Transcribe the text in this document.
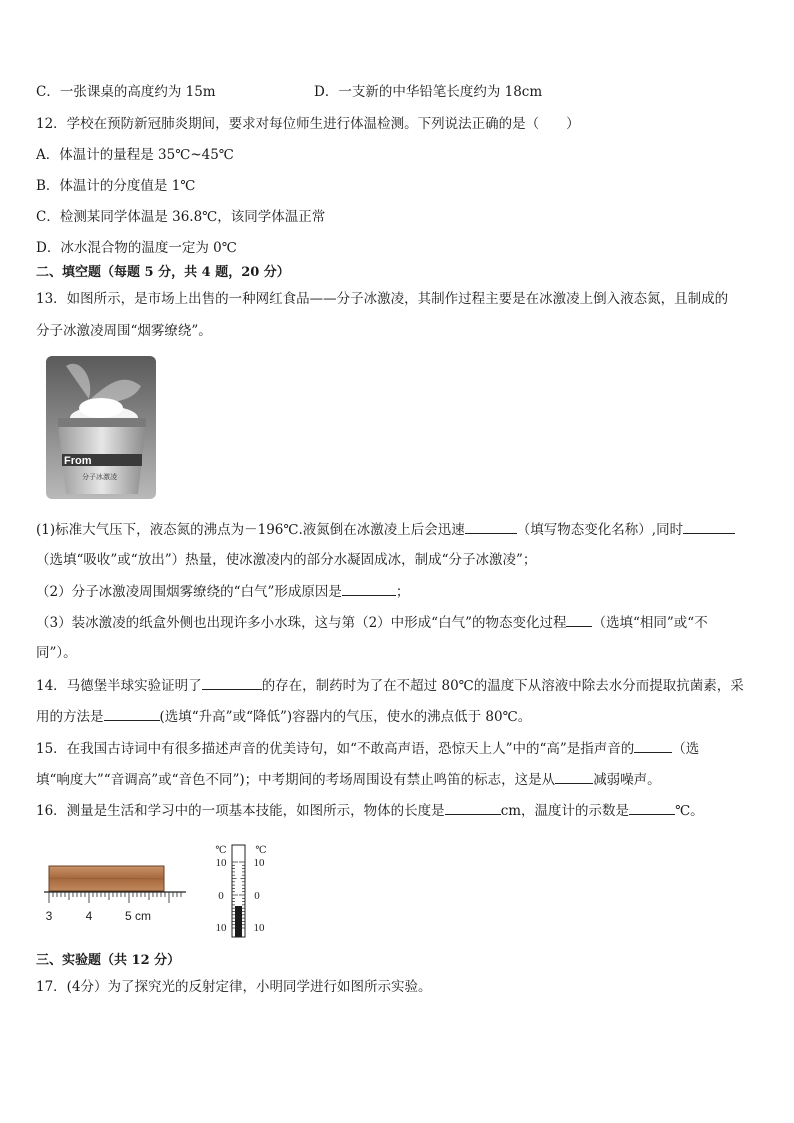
C．一张课桌的高度约为 15m	D．一支新的中华铅笔长度约为 18cm
12．学校在预防新冠肺炎期间，要求对每位师生进行体温检测。下列说法正确的是（　　）
A．体温计的量程是 35℃~45℃
B．体温计的分度值是 1℃
C．检测某同学体温是 36.8℃，该同学体温正常
D．冰水混合物的温度一定为 0℃
二、填空题（每题 5 分，共 4 题，20 分）
13．如图所示，是市场上出售的一种网红食品——分子冰激凌，其制作过程主要是在冰激凌上倒入液态氮，且制成的
分子冰激凌周围“烟雾缭绕”。
From
分子冰激凌
(1)标准大气压下，液态氮的沸点为－196℃.液氮倒在冰激凌上后会迅速	（填写物态变化名称）,同时
（选填“吸收”或“放出”）热量，使冰激凌内的部分水凝固成冰，制成“分子冰激凌”；
（2）分子冰激凌周围烟雾缭绕的“白气”形成原因是	；
（3）装冰激凌的纸盒外侧也出现许多小水珠，这与第（2）中形成“白气”的物态变化过程 （选填“相同”或“不
同”）。
14．马德堡半球实验证明了	的存在，制药时为了在不超过 80℃的温度下从溶液中除去水分而提取抗菌素，采
用的方法是	(选填“升高”或“降低”)容器内的气压，使水的沸点低于 80℃。
15．在我国古诗词中有很多描述声音的优美诗句，如“不敢高声语，恐惊天上人”中的“高”是指声音的	（选
填“响度大”“音调高”或“音色不同”)；中考期间的考场周围设有禁止鸣笛的标志，这是从	减弱噪声。
16．测量是生活和学习中的一项基本技能，如图所示，物体的长度是	cm，温度计的示数是	℃。
3	4	5 cm
℃	℃
10
0
10
10
0
10
三、实验题（共 12 分）
17．(4分）为了探究光的反射定律，小明同学进行如图所示实验。
